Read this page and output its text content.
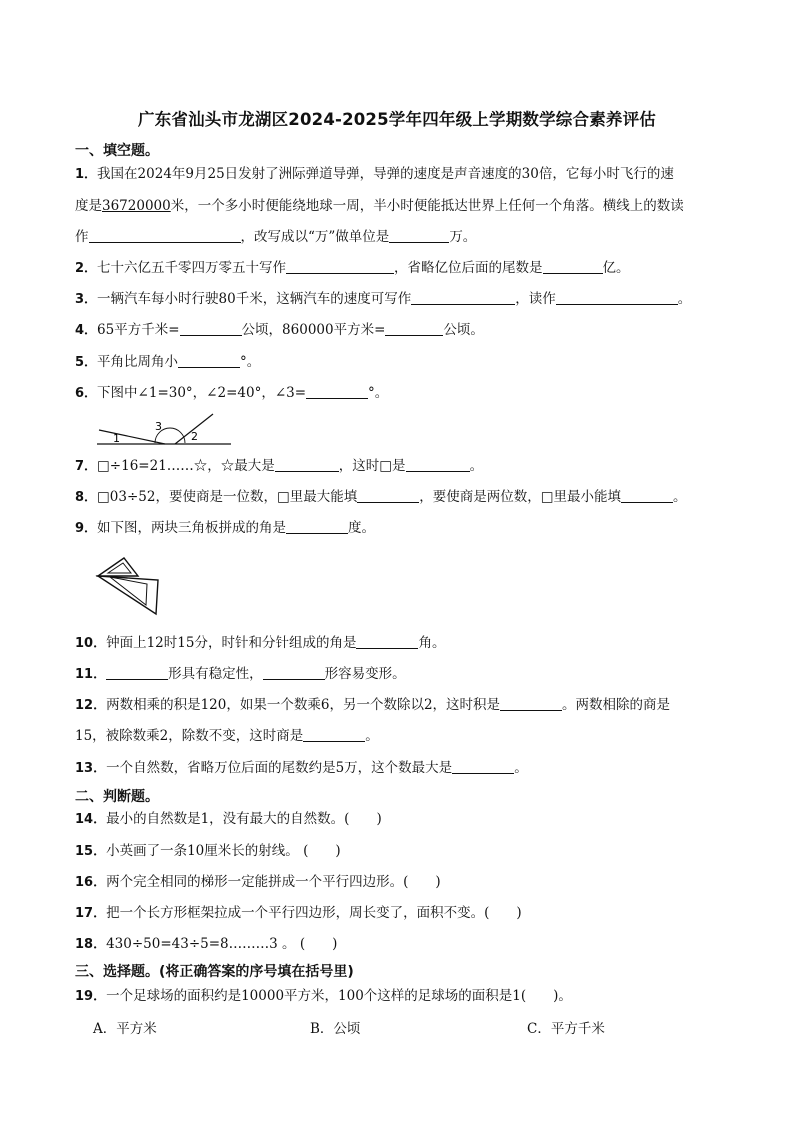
广东省汕头市龙湖区2024-2025学年四年级上学期数学综合素养评估
一、填空题。
1．我国在2024年9月25日发射了洲际弹道导弹，导弹的速度是声音速度的30倍，它每小时飞行的速
度是36720000米，一个多小时便能绕地球一周，半小时便能抵达世界上任何一个角落。横线上的数读
作	，改写成以“万”做单位是	万。
2．七十六亿五千零四万零五十写作	，省略亿位后面的尾数是	亿。
3．一辆汽车每小时行驶80千米，这辆汽车的速度可写作	，读作	。
4．65平方千米=	公顷，860000平方米=	公顷。
5．平角比周角小	°。
6．下图中∠1=30°，∠2=40°，∠3=	°。
1	2
3
7．□÷16=21……☆，☆最大是	，这时□是	。
8．□03÷52，要使商是一位数，□里最大能填	，要使商是两位数，□里最小能填	。
9．如下图，两块三角板拼成的角是	度。
10．钟面上12时15分，时针和分针组成的角是	角。
11．	形具有稳定性，	形容易变形。
12．两数相乘的积是120，如果一个数乘6，另一个数除以2，这时积是	。两数相除的商是
15，被除数乘2，除数不变，这时商是	。
13．一个自然数，省略万位后面的尾数约是5万，这个数最大是	。
二、判断题。
14．最小的自然数是1，没有最大的自然数。(　　)
15．小英画了一条10厘米长的射线。 (　　)
16．两个完全相同的梯形一定能拼成一个平行四边形。(　　)
17．把一个长方形框架拉成一个平行四边形，周长变了，面积不变。(　　)
18．430÷50=43÷5=8………3 。 (　　)
三、选择题。(将正确答案的序号填在括号里)
19．一个足球场的面积约是10000平方米，100个这样的足球场的面积是1(　　)。
A．平方米	B．公顷	C．平方千米
